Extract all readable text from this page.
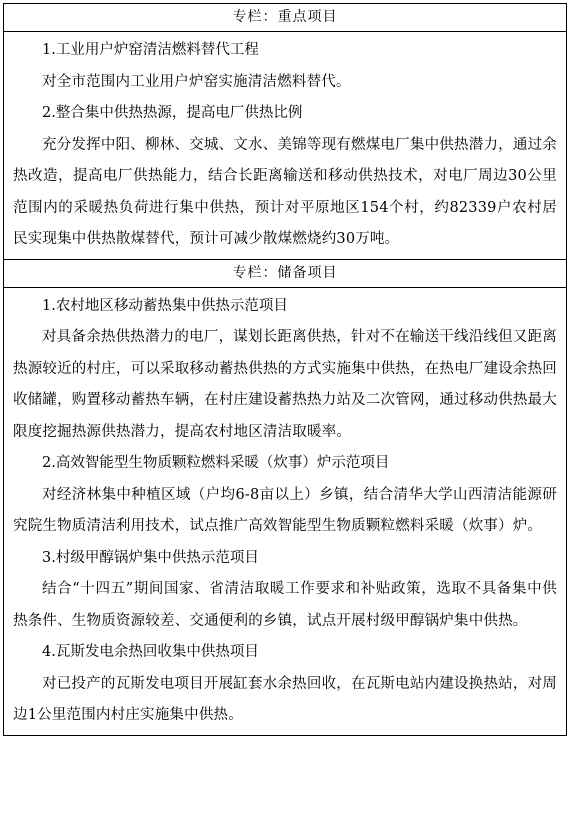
专栏：重点项目
1.工业用户炉窑清洁燃料替代工程
对全市范围内工业用户炉窑实施清洁燃料替代。
2.整合集中供热热源，提高电厂供热比例
充分发挥中阳、柳林、交城、文水、美锦等现有燃煤电厂集中供热潜力，通过余热改造，提高电厂供热能力，结合长距离输送和移动供热技术，对电厂周边30公里范围内的采暖热负荷进行集中供热，预计对平原地区154个村，约82339户农村居民实现集中供热散煤替代，预计可减少散煤燃烧约30万吨。
专栏：储备项目
1.农村地区移动蓄热集中供热示范项目
对具备余热供热潜力的电厂，谋划长距离供热，针对不在输送干线沿线但又距离热源较近的村庄，可以采取移动蓄热供热的方式实施集中供热，在热电厂建设余热回收储罐，购置移动蓄热车辆，在村庄建设蓄热热力站及二次管网，通过移动供热最大限度挖掘热源供热潜力，提高农村地区清洁取暖率。
2.高效智能型生物质颗粒燃料采暖（炊事）炉示范项目
对经济林集中种植区域（户均6-8亩以上）乡镇，结合清华大学山西清洁能源研究院生物质清洁利用技术，试点推广高效智能型生物质颗粒燃料采暖（炊事）炉。
3.村级甲醇锅炉集中供热示范项目
结合“十四五”期间国家、省清洁取暖工作要求和补贴政策，选取不具备集中供热条件、生物质资源较差、交通便利的乡镇，试点开展村级甲醇锅炉集中供热。
4.瓦斯发电余热回收集中供热项目
对已投产的瓦斯发电项目开展缸套水余热回收，在瓦斯电站内建设换热站，对周边1公里范围内村庄实施集中供热。
